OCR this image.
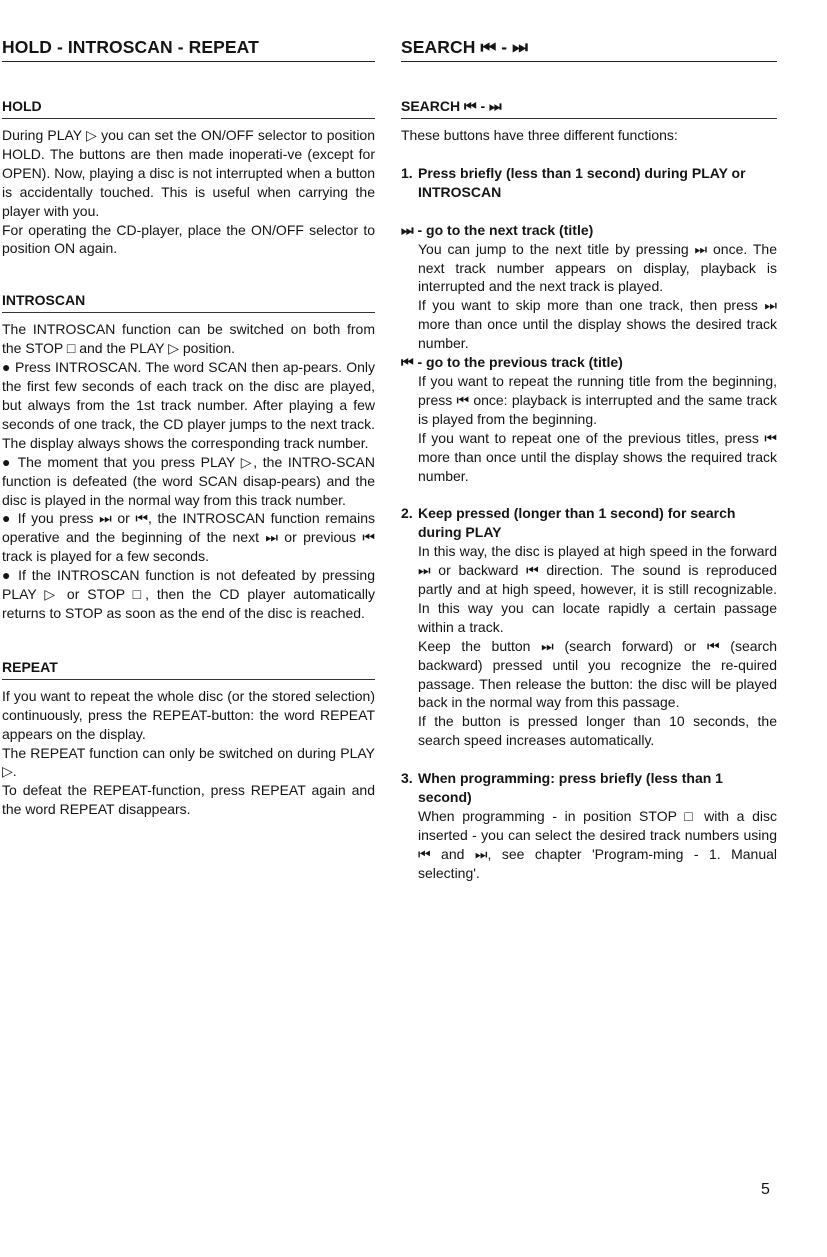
HOLD - INTROSCAN - REPEAT
HOLD

During PLAY ▷ you can set the ON/OFF selector to position HOLD. The buttons are then made inoperati-ve (except for OPEN). Now, playing a disc is not interrupted when a button is accidentally touched. This is useful when carrying the player with you.

For operating the CD-player, place the ON/OFF selector to position ON again.

INTROSCAN

The INTROSCAN function can be switched on both from the STOP □ and the PLAY ▷ position.

● Press INTROSCAN. The word SCAN then ap-pears. Only the first few seconds of each track on the disc are played, but always from the 1st track number. After playing a few seconds of one track, the CD player jumps to the next track. The display always shows the corresponding track number.

● The moment that you press PLAY ▷, the INTRO-SCAN function is defeated (the word SCAN disap-pears) and the disc is played in the normal way from this track number.

● If you press ⏭ or ⏮, the INTROSCAN function remains operative and the beginning of the next ⏭ or previous ⏮ track is played for a few seconds.

● If the INTROSCAN function is not defeated by pressing PLAY ▷ or STOP □, then the CD player automatically returns to STOP as soon as the end of the disc is reached.

REPEAT

If you want to repeat the whole disc (or the stored selection) continuously, press the REPEAT-button: the word REPEAT appears on the display.

The REPEAT function can only be switched on during PLAY ▷.

To defeat the REPEAT-function, press REPEAT again and the word REPEAT disappears.

SEARCH ⏮ - ⏭
SEARCH ⏮ - ⏭

These buttons have three different functions:

1. Press briefly (less than 1 second) during PLAY or INTROSCAN
⏭ - go to the next track (title)

You can jump to the next title by pressing ⏭ once. The next track number appears on display, playback is interrupted and the next track is played.

If you want to skip more than one track, then press ⏭ more than once until the display shows the desired track number.

⏮ - go to the previous track (title)

If you want to repeat the running title from the beginning, press ⏮ once: playback is interrupted and the same track is played from the beginning.

If you want to repeat one of the previous titles, press ⏮ more than once until the display shows the required track number.

2. Keep pressed (longer than 1 second) for search during PLAY

In this way, the disc is played at high speed in the forward ⏭ or backward ⏮ direction. The sound is reproduced partly and at high speed, however, it is still recognizable. In this way you can locate rapidly a certain passage within a track.

Keep the button ⏭ (search forward) or ⏮ (search backward) pressed until you recognize the re-quired passage. Then release the button: the disc will be played back in the normal way from this passage.

If the button is pressed longer than 10 seconds, the search speed increases automatically.

3. When programming: press briefly (less than 1 second)

When programming - in position STOP □ with a disc inserted - you can select the desired track numbers using ⏮ and ⏭, see chapter 'Program-ming - 1. Manual selecting'.

5
